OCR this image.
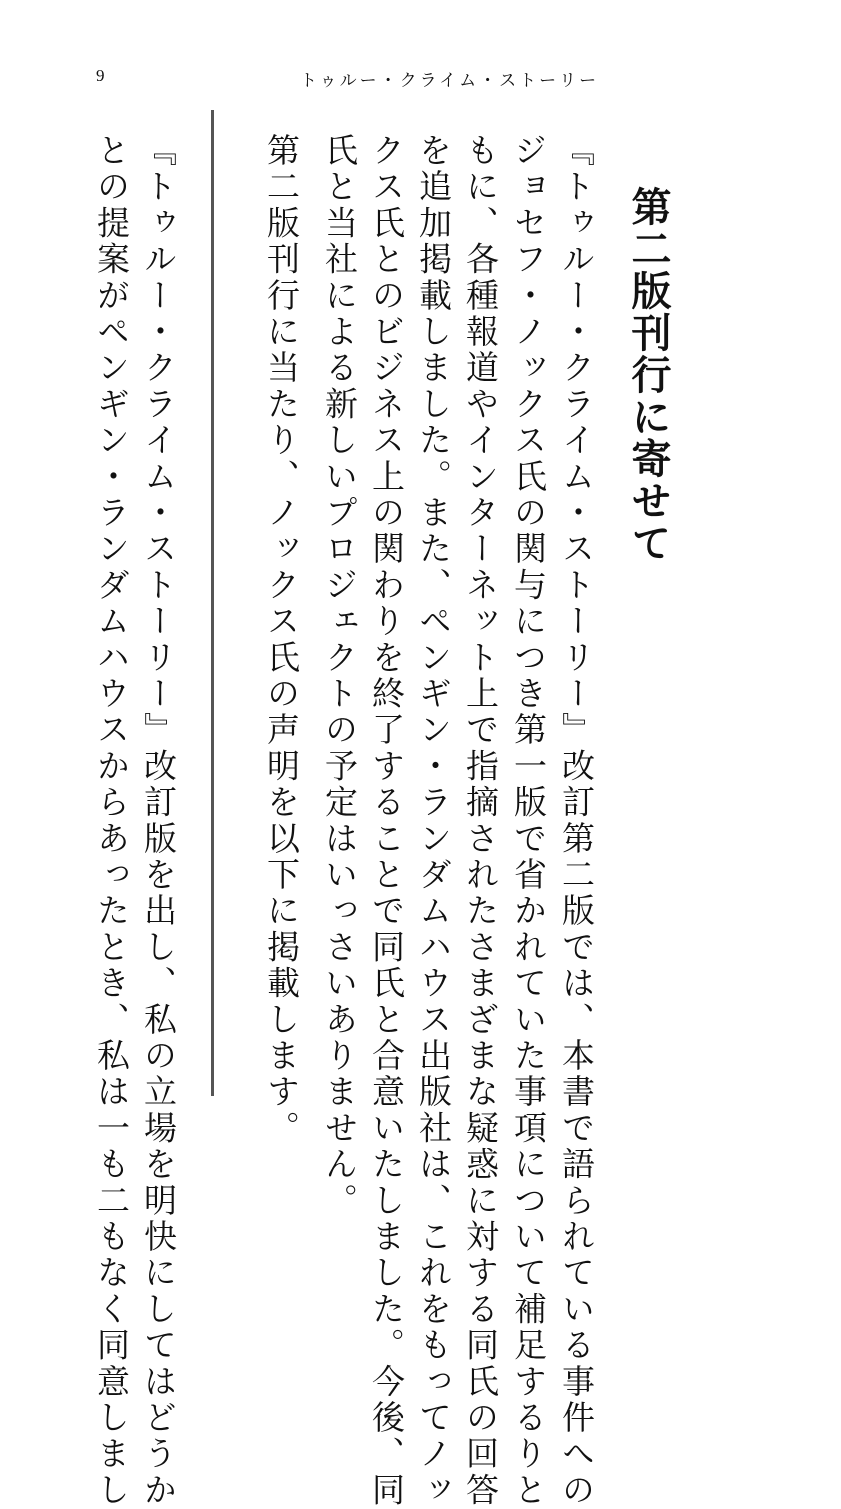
9	トゥルー・クライム・ストーリー
第二版刊行に寄せて
『トゥルー・クライム・ストーリー』改訂第二版では、本書で語られている事件への
ジョセフ・ノックス氏の関与につき第一版で省かれていた事項について補足するりと
もに、各種報道やインターネット上で指摘されたさまざまな疑惑に対する同氏の回答
を追加掲載しました。また、ペンギン・ランダムハウス出版社は、これをもってノッ
クス氏とのビジネス上の関わりを終了することで同氏と合意いたしました。今後、同
氏と当社による新しいプロジェクトの予定はいっさいありません。
第二版刊行に当たり、ノックス氏の声明を以下に掲載します。
『トゥルー・クライム・ストーリー』改訂版を出し、私の立場を明快にしてはどうか
との提案がペンギン・ランダムハウスからあったとき、私は一も二もなく同意しまし
